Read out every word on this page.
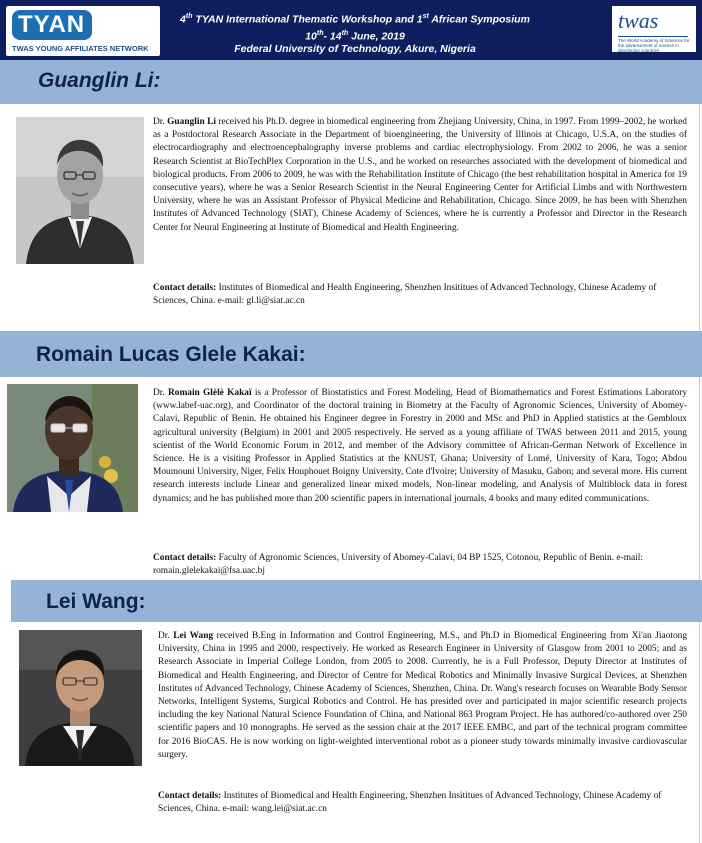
TYAN
TWAS YOUNG AFFILIATES NETWORK
4th TYAN International Thematic Workshop and 1st African Symposium
10th- 14th June, 2019
Federal University of Technology, Akure, Nigeria
twas
The World Academy of Sciences for the advancement of science in developing countries
Guanglin Li:
Dr. Guanglin Li received his Ph.D. degree in biomedical engineering from Zhejiang University, China, in 1997. From 1999–2002, he worked as a Postdoctoral Research Associate in the Department of bioengineering, the University of Illinois at Chicago, U.S.A, on the studies of electrocardiography and electroencephalography inverse problems and cardiac electrophysiology. From 2002 to 2006, he was a senior Research Scientist at BioTechPlex Corporation in the U.S., and he worked on researches associated with the development of biomedical and biological products. From 2006 to 2009, he was with the Rehabilitation Institute of Chicago (the best rehabilitation hospital in America for 19 consecutive years), where he was a Senior Research Scientist in the Neural Engineering Center for Artificial Limbs and with Northwestern University, where he was an Assistant Professor of Physical Medicine and Rehabilitation, Chicago. Since 2009, he has been with Shenzhen Institutes of Advanced Technology (SIAT), Chinese Academy of Sciences, where he is currently a Professor and Director in the Research Center for Neural Engineering at Institute of Biomedical and Health Engineering.
Contact details: Institutes of Biomedical and Health Engineering, Shenzhen Insititues of Advanced Technology, Chinese Academy of Sciences, China. e-mail: gl.li@siat.ac.cn
Romain Lucas Glele Kakai:
Dr. Romain Glèlè Kakaï is a Professor of Biostatistics and Forest Modeling, Head of Biomathematics and Forest Estimations Laboratory (www.labef-uac.org), and Coordinator of the doctoral training in Biometry at the Faculty of Agronomic Sciences, University of Abomey-Calavi, Republic of Benin. He obtained his Engineer degree in Forestry in 2000 and MSc and PhD in Applied statistics at the Gembloux agricultural university (Belgium) in 2001 and 2005 respectively. He served as a young affiliate of TWAS between 2011 and 2015, young scientist of the World Economic Forum in 2012, and member of the Advisory committee of African-German Network of Excellence in Science. He is a visiting Professor in Applied Statistics at the KNUST, Ghana; University of Lomé, University of Kara, Togo; Abdou Moumouni University, Niger, Felix Houphouet Boigny University, Cote d'Ivoire; University of Masuku, Gabon; and several more. His current research interests include Linear and generalized linear mixed models, Non-linear modeling, and Analysis of Multiblock data in forest dynamics; and he has published more than 200 scientific papers in international journals, 4 books and many edited communications.
Contact details: Faculty of Agronomic Sciences, University of Abomey-Calavi, 04 BP 1525, Cotonou, Republic of Benin. e-mail: romain.glelekakai@fsa.uac.bj
Lei Wang:
Dr. Lei Wang received B.Eng in Information and Control Engineering, M.S., and Ph.D in Biomedical Engineering from Xi'an Jiaotong University, China in 1995 and 2000, respectively. He worked as Research Engineer in University of Glasgow from 2001 to 2005; and as Research Associate in Imperial College London, from 2005 to 2008. Currently, he is a Full Professor, Deputy Director at Institutes of Biomedical and Health Engineering, and Director of Centre for Medical Robotics and Minimally Invasive Surgical Devices, at Shenzhen Institutes of Advanced Technology, Chinese Academy of Sciences, Shenzhen, China. Dr. Wang's research focuses on Wearable Body Sensor Networks, Intelligent Systems, Surgical Robotics and Control. He has presided over and participated in major scientific research projects including the key National Natural Science Foundation of China, and National 863 Program Project. He has authored/co-authored over 250 scientific papers and 10 monographs. He served as the session chair at the 2017 IEEE EMBC, and part of the technical program committee for 2016 BioCAS. He is now working on light-weighted interventional robot as a pioneer study towards minimally invasive cardiovascular surgery.
Contact details: Institutes of Biomedical and Health Engineering, Shenzhen Insititues of Advanced Technology, Chinese Academy of Sciences, China. e-mail: wang.lei@siat.ac.cn
